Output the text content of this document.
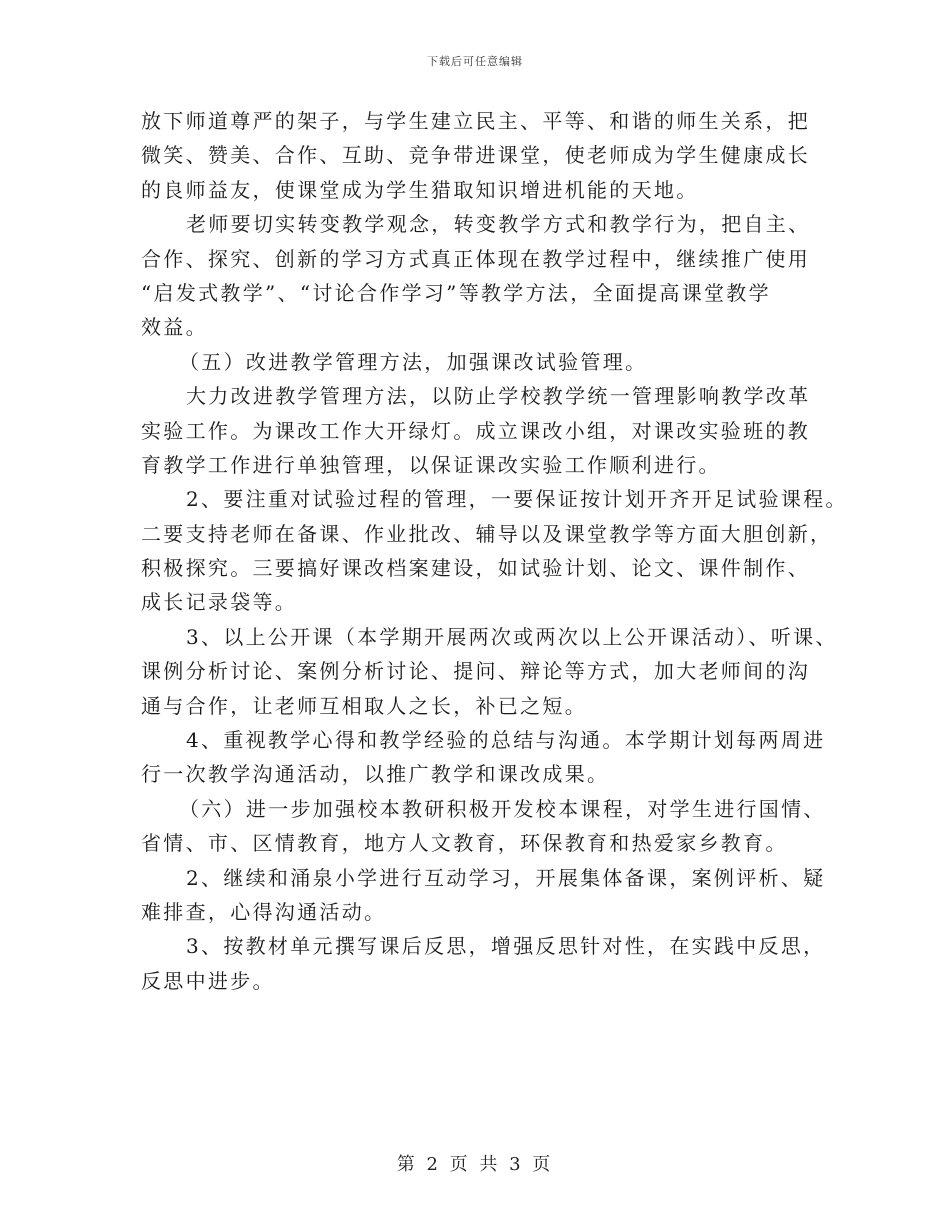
下载后可任意编辑
放下师道尊严的架子，与学生建立民主、平等、和谐的师生关系，把
微笑、赞美、合作、互助、竞争带进课堂，使老师成为学生健康成长
的良师益友，使课堂成为学生猎取知识增进机能的天地。
老师要切实转变教学观念，转变教学方式和教学行为，把自主、
合作、探究、创新的学习方式真正体现在教学过程中，继续推广使用
“启发式教学”、“讨论合作学习”等教学方法，全面提高课堂教学
效益。
（五）改进教学管理方法，加强课改试验管理。
大力改进教学管理方法，以防止学校教学统一管理影响教学改革
实验工作。为课改工作大开绿灯。成立课改小组，对课改实验班的教
育教学工作进行单独管理，以保证课改实验工作顺利进行。
2、要注重对试验过程的管理，一要保证按计划开齐开足试验课程。
二要支持老师在备课、作业批改、辅导以及课堂教学等方面大胆创新，
积极探究。三要搞好课改档案建设，如试验计划、论文、课件制作、
成长记录袋等。
3、以上公开课（本学期开展两次或两次以上公开课活动）、听课、
课例分析讨论、案例分析讨论、提问、辩论等方式，加大老师间的沟
通与合作，让老师互相取人之长，补已之短。
4、重视教学心得和教学经验的总结与沟通。本学期计划每两周进
行一次教学沟通活动，以推广教学和课改成果。
（六）进一步加强校本教研积极开发校本课程，对学生进行国情、
省情、市、区情教育，地方人文教育，环保教育和热爱家乡教育。
2、继续和涌泉小学进行互动学习，开展集体备课，案例评析、疑
难排查，心得沟通活动。
3、按教材单元撰写课后反思，增强反思针对性，在实践中反思，
反思中进步。
第 2 页 共 3 页
